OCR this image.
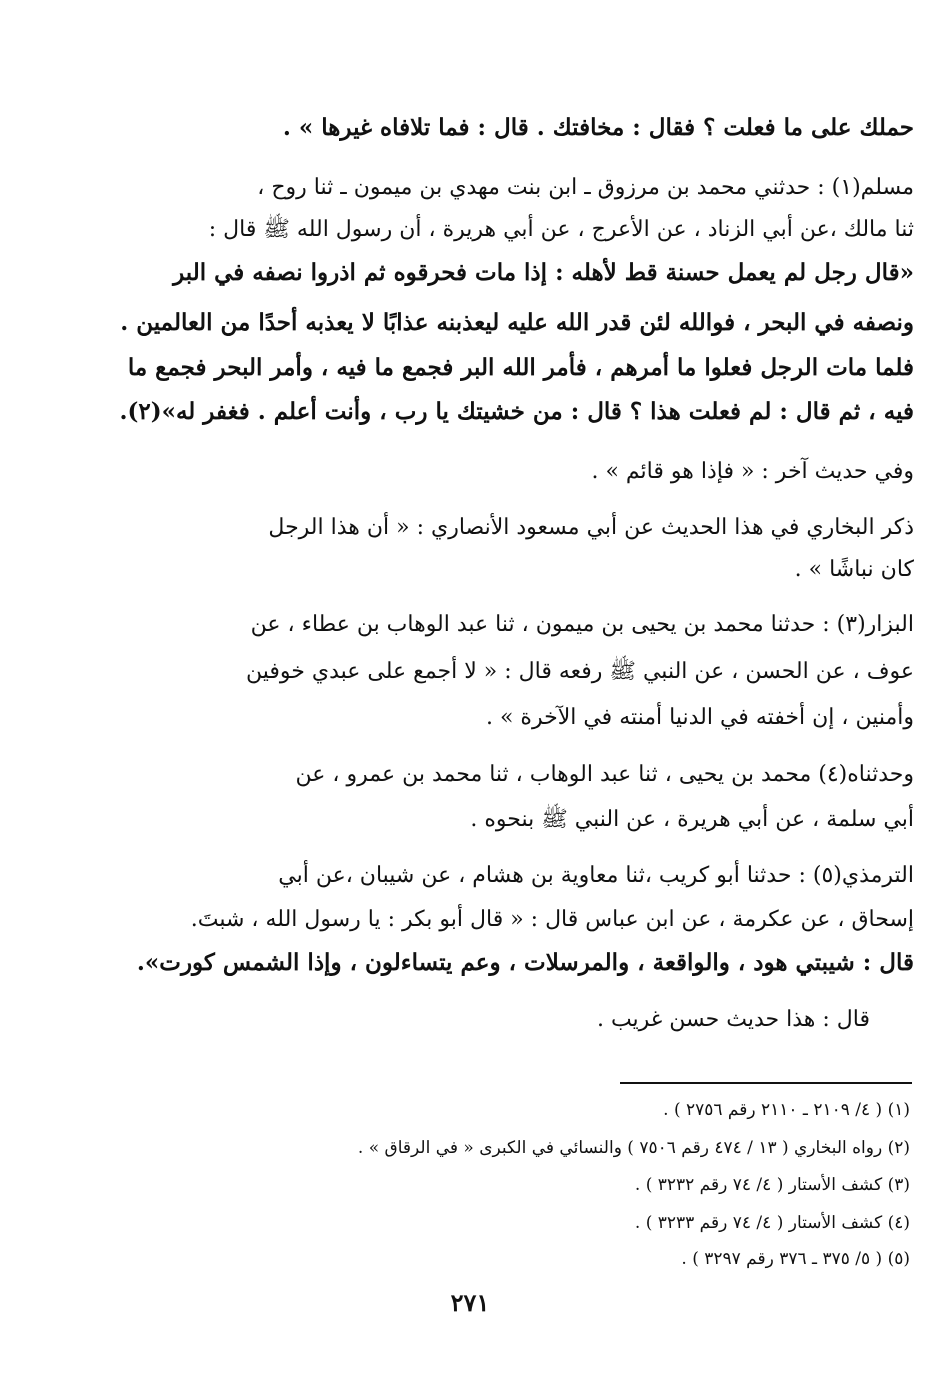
حملك على ما فعلت ؟ فقال : مخافتك . قال : فما تلافاه غيرها » .
مسلم(١) : حدثني محمد بن مرزوق ـ ابن بنت مهدي بن ميمون ـ ثنا روح ،
ثنا مالك ،عن أبي الزناد ، عن الأعرج ، عن أبي هريرة ، أن رسول الله ﷺ قال :
«قال رجل لم يعمل حسنة قط لأهله : إذا مات فحرقوه ثم اذروا نصفه في البر
ونصفه في البحر ، فوالله لئن قدر الله عليه ليعذبنه عذابًا لا يعذبه أحدًا من العالمين .
فلما مات الرجل فعلوا ما أمرهم ، فأمر الله البر فجمع ما فيه ، وأمر البحر فجمع ما
فيه ، ثم قال : لم فعلت هذا ؟ قال : من خشيتك يا رب ، وأنت أعلم . فغفر له»(٢).
وفي حديث آخر : « فإذا هو قائم » .
ذكر البخاري في هذا الحديث عن أبي مسعود الأنصاري : « أن هذا الرجل
كان نباشًا » .
البزار(٣) : حدثنا محمد بن يحيى بن ميمون ، ثنا عبد الوهاب بن عطاء ، عن
عوف ، عن الحسن ، عن النبي ﷺ رفعه قال : « لا أجمع على عبدي خوفين
وأمنين ، إن أخفته في الدنيا أمنته في الآخرة » .
وحدثناه(٤) محمد بن يحيى ، ثنا عبد الوهاب ، ثنا محمد بن عمرو ، عن
أبي سلمة ، عن أبي هريرة ، عن النبي ﷺ بنحوه .
الترمذي(٥) : حدثنا أبو كريب ،ثنا معاوية بن هشام ، عن شيبان ،عن أبي
إسحاق ، عن عكرمة ، عن ابن عباس قال : « قال أبو بكر : يا رسول الله ، شبتَ.
قال : شيبتي هود ، والواقعة ، والمرسلات ، وعم يتساءلون ، وإذا الشمس كورت».
قال : هذا حديث حسن غريب .
(١) ( ٤/ ٢١٠٩ ـ ٢١١٠ رقم ٢٧٥٦ ) .
(٢) رواه البخاري ( ١٣ / ٤٧٤ رقم ٧٥٠٦ ) والنسائي في الكبرى « في الرقاق » .
(٣) كشف الأستار ( ٤/ ٧٤ رقم ٣٢٣٢ ) .
(٤) كشف الأستار ( ٤/ ٧٤ رقم ٣٢٣٣ ) .
(٥) ( ٥/ ٣٧٥ ـ ٣٧٦ رقم ٣٢٩٧ ) .
٢٧١
